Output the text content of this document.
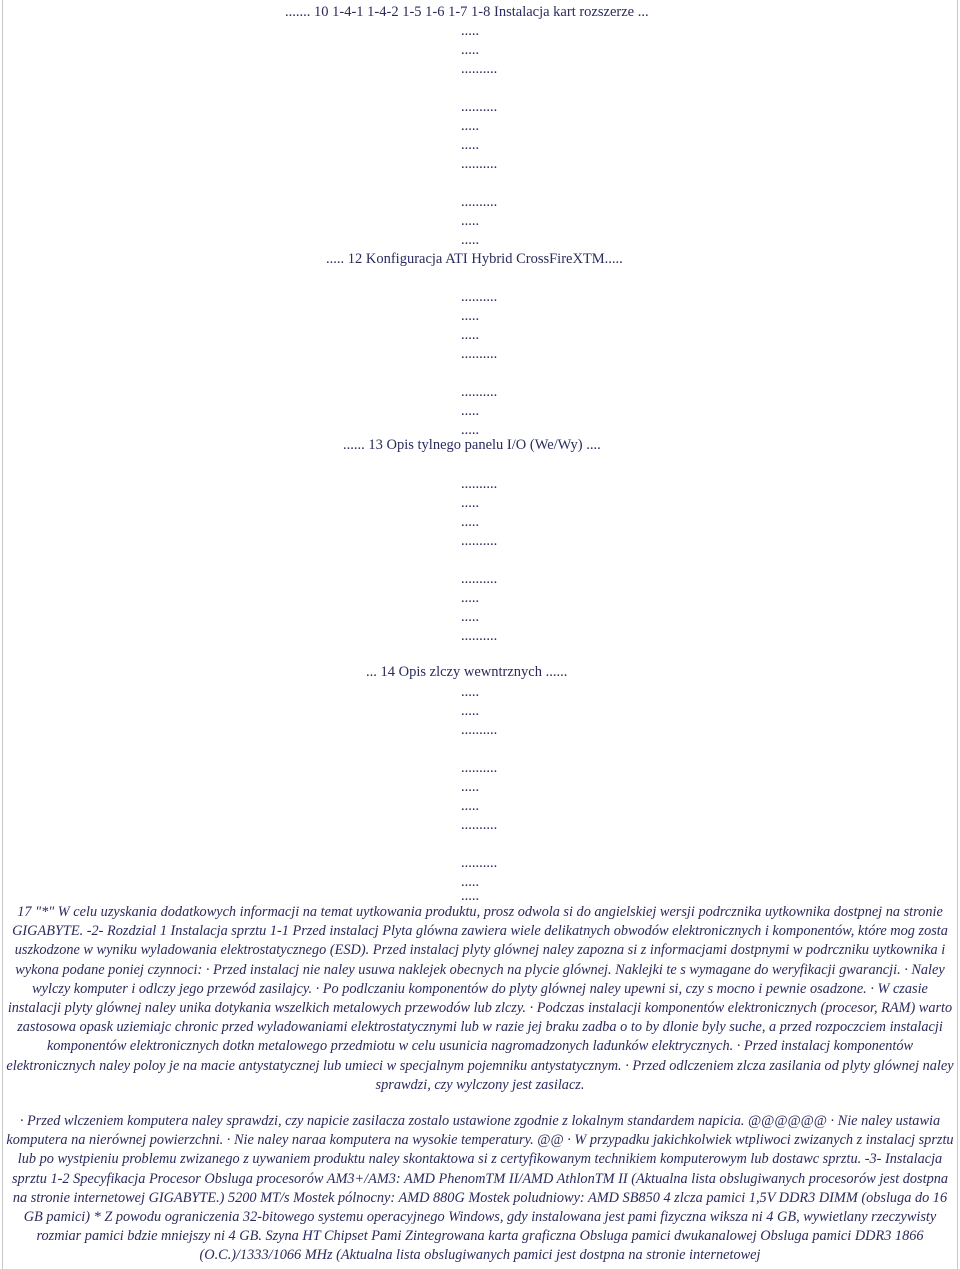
....... 10 1-4-1 1-4-2 1-5 1-6 1-7 1-8 Instalacja kart rozszerze ...
.....
.....
..........
..........
.....
.....
..........
..........
.....
.....
..... 12 Konfiguracja ATI Hybrid CrossFireXTM.....
..........
.....
.....
..........
..........
.....
.....
...... 13 Opis tylnego panelu I/O (We/Wy) ....
..........
.....
.....
..........
..........
.....
.....
..........
... 14 Opis zlczy wewntrznych ......
.....
.....
..........
..........
.....
.....
..........
..........
.....
.....

17 "*" W celu uzyskania dodatkowych informacji na temat uytkowania produktu, prosz odwola si do angielskiej wersji podrcznika uytkownika dostpnej na stronie GIGABYTE. -2- Rozdzial 1 Instalacja sprztu 1-1 Przed instalacj Plyta glówna zawiera wiele delikatnych obwodów elektronicznych i komponentów, które mog zosta uszkodzone w wyniku wyladowania elektrostatycznego (ESD). Przed instalacj plyty glównej naley zapozna si z informacjami dostpnymi w podrczniku uytkownika i wykona podane poniej czynnoci: · Przed instalacj nie naley usuwa naklejek obecnych na plycie glównej. Naklejki te s wymagane do weryfikacji gwarancji. · Naley wylczy komputer i odlczy jego przewód zasilajcy. · Po podlczaniu komponentów do plyty glównej naley upewni si, czy s mocno i pewnie osadzone. · W czasie instalacji plyty glównej naley unika dotykania wszelkich metalowych przewodów lub zlczy. · Podczas instalacji komponentów elektronicznych (procesor, RAM) warto zastosowa opask uziemiajc chronic przed wyladowaniami elektrostatycznymi lub w razie jej braku zadba o to by dlonie byly suche, a przed rozpoczciem instalacji komponentów elektronicznych dotkn metalowego przedmiotu w celu usunicia nagromadzonych ladunków elektrycznych. · Przed instalacj komponentów elektronicznych naley poloy je na macie antystatycznej lub umieci w specjalnym pojemniku antystatycznym. · Przed odlczeniem zlcza zasilania od plyty glównej naley sprawdzi, czy wylczony jest zasilacz.

· Przed wlczeniem komputera naley sprawdzi, czy napicie zasilacza zostalo ustawione zgodnie z lokalnym standardem napicia. @@@@@@ · Nie naley ustawia komputera na nierównej powierzchni. · Nie naley naraa komputera na wysokie temperatury. @@ · W przypadku jakichkolwiek wtpliwoci zwizanych z instalacj sprztu lub po wystpieniu problemu zwizanego z uywaniem produktu naley skontaktowa si z certyfikowanym technikiem komputerowym lub dostawc sprztu. -3- Instalacja sprztu 1-2 Specyfikacja Procesor Obsluga procesorów AM3+/AM3: AMD PhenomTM II/AMD AthlonTM II (Aktualna lista obslugiwanych procesorów jest dostpna na stronie internetowej GIGABYTE.) 5200 MT/s Mostek pólnocny: AMD 880G Mostek poludniowy: AMD SB850 4 zlcza pamici 1,5V DDR3 DIMM (obsluga do 16 GB pamici) * Z powodu ograniczenia 32-bitowego systemu operacyjnego Windows, gdy instalowana jest pami fizyczna wiksza ni 4 GB, wywietlany rzeczywisty rozmiar pamici bdzie mniejszy ni 4 GB. Szyna HT Chipset Pami Zintegrowana karta graficzna Obsluga pamici dwukanalowej Obsluga pamici DDR3 1866 (O.C.)/1333/1066 MHz (Aktualna lista obslugiwanych pamici jest dostpna na stronie internetowej
